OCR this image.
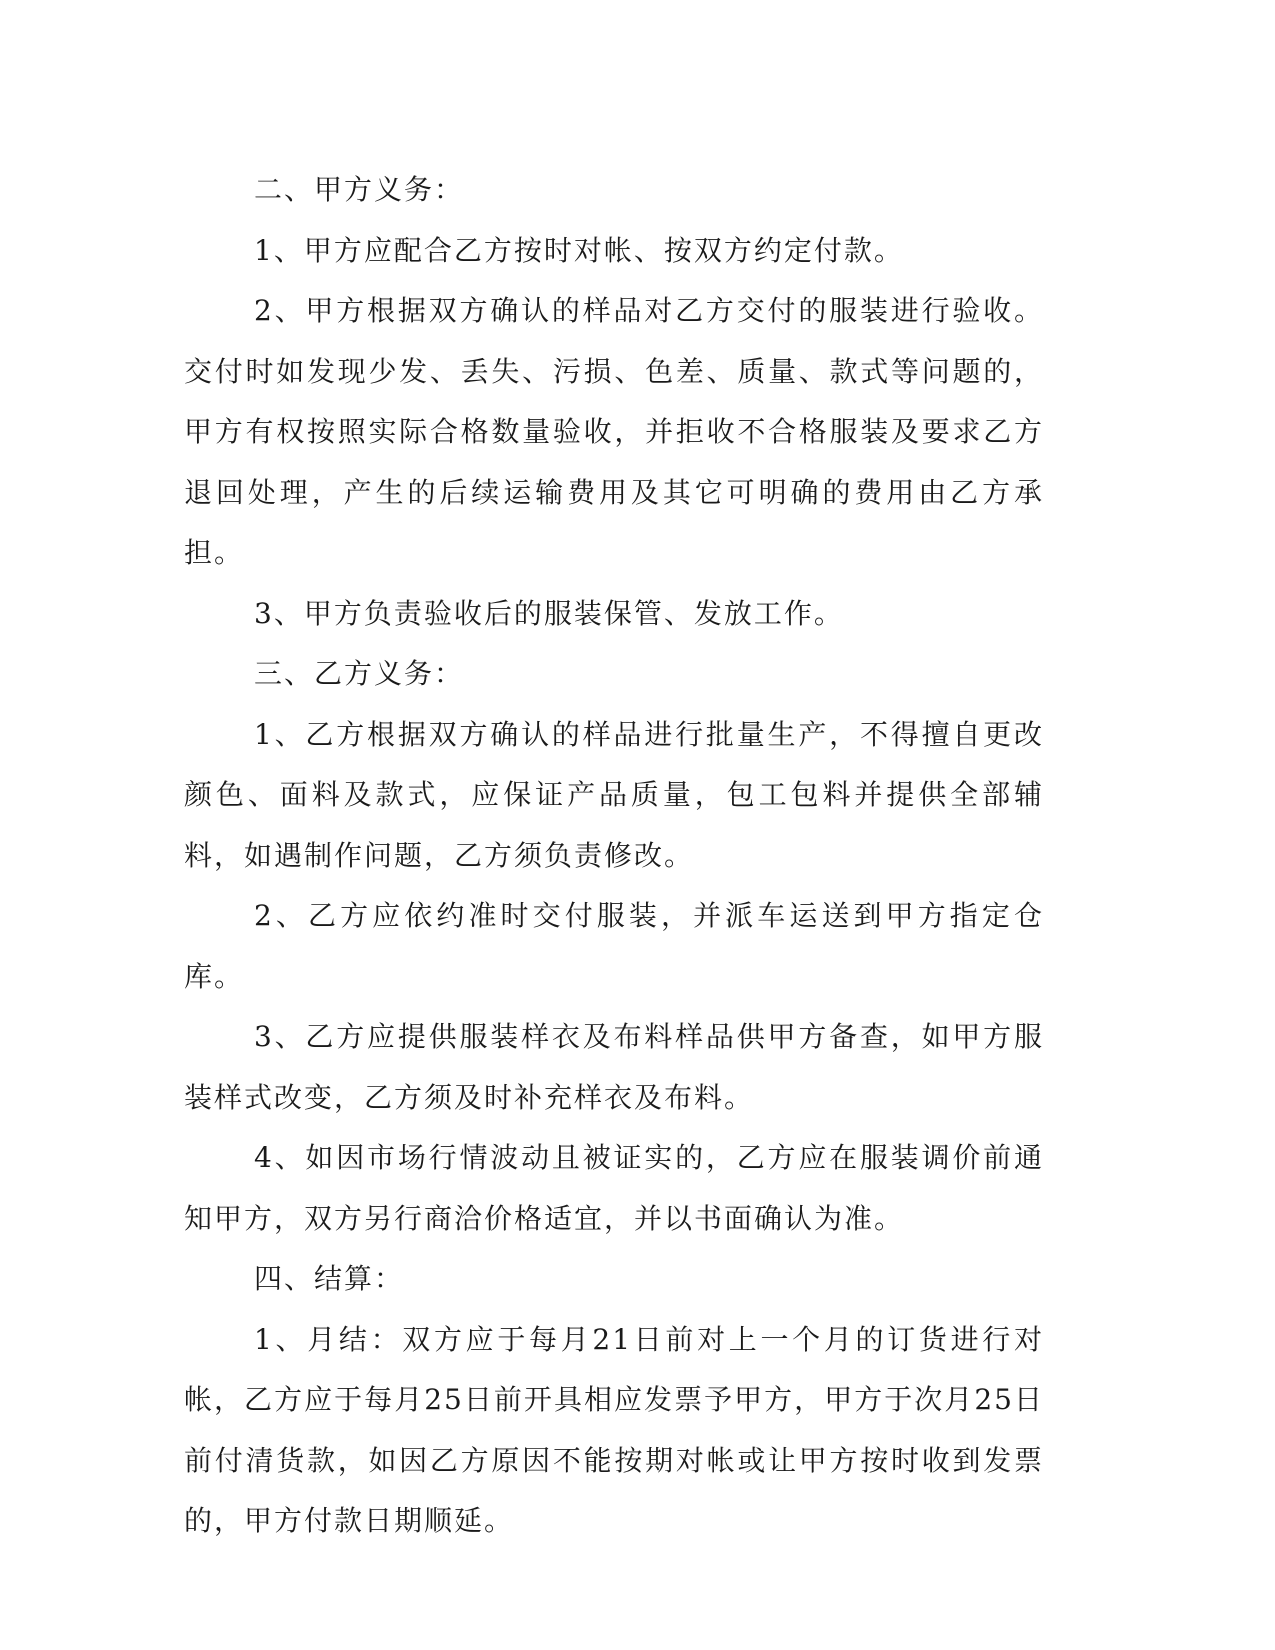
二、甲方义务：

1、甲方应配合乙方按时对帐、按双方约定付款。

2、甲方根据双方确认的样品对乙方交付的服装进行验收。交付时如发现少发、丢失、污损、色差、质量、款式等问题的，甲方有权按照实际合格数量验收，并拒收不合格服装及要求乙方退回处理，产生的后续运输费用及其它可明确的费用由乙方承担。

3、甲方负责验收后的服装保管、发放工作。

三、乙方义务：

1、乙方根据双方确认的样品进行批量生产，不得擅自更改颜色、面料及款式，应保证产品质量，包工包料并提供全部辅料，如遇制作问题，乙方须负责修改。

2、乙方应依约准时交付服装，并派车运送到甲方指定仓库。

3、乙方应提供服装样衣及布料样品供甲方备查，如甲方服装样式改变，乙方须及时补充样衣及布料。

4、如因市场行情波动且被证实的，乙方应在服装调价前通知甲方，双方另行商洽价格适宜，并以书面确认为准。

四、结算：

1、月结：双方应于每月21日前对上一个月的订货进行对帐，乙方应于每月25日前开具相应发票予甲方，甲方于次月25日前付清货款，如因乙方原因不能按期对帐或让甲方按时收到发票的，甲方付款日期顺延。
